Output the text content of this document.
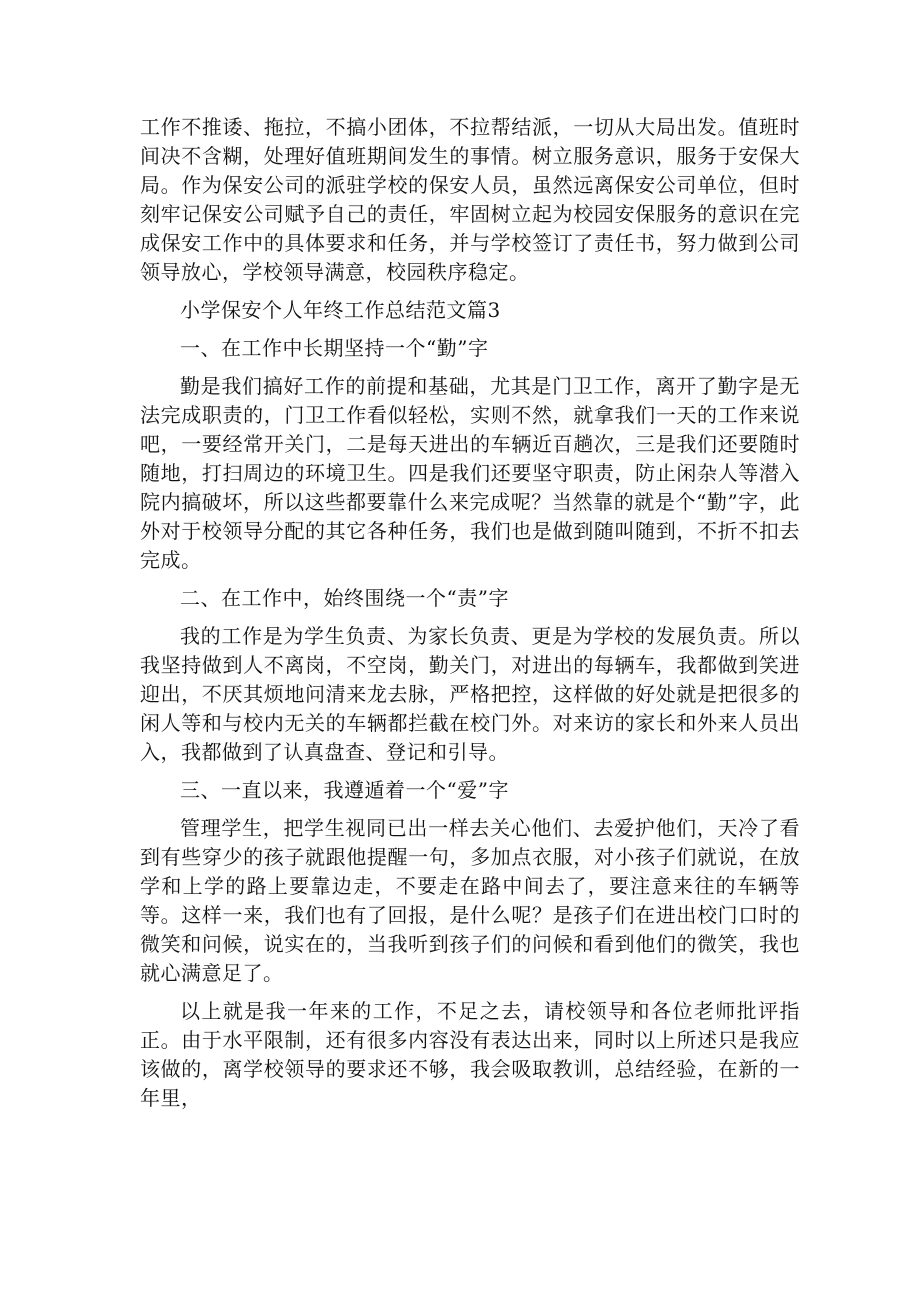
工作不推诿、拖拉，不搞小团体，不拉帮结派，一切从大局出发。值班时间决不含糊，处理好值班期间发生的事情。树立服务意识，服务于安保大局。作为保安公司的派驻学校的保安人员，虽然远离保安公司单位，但时刻牢记保安公司赋予自己的责任，牢固树立起为校园安保服务的意识在完成保安工作中的具体要求和任务，并与学校签订了责任书，努力做到公司领导放心，学校领导满意，校园秩序稳定。

小学保安个人年终工作总结范文篇3

一、在工作中长期坚持一个“勤”字

勤是我们搞好工作的前提和基础，尤其是门卫工作，离开了勤字是无法完成职责的，门卫工作看似轻松，实则不然，就拿我们一天的工作来说吧，一要经常开关门，二是每天进出的车辆近百趟次，三是我们还要随时随地，打扫周边的环境卫生。四是我们还要坚守职责，防止闲杂人等潜入院内搞破坏，所以这些都要靠什么来完成呢？当然靠的就是个“勤”字，此外对于校领导分配的其它各种任务，我们也是做到随叫随到，不折不扣去完成。

二、在工作中，始终围绕一个“责”字

我的工作是为学生负责、为家长负责、更是为学校的发展负责。所以我坚持做到人不离岗，不空岗，勤关门，对进出的每辆车，我都做到笑进迎出，不厌其烦地问清来龙去脉，严格把控，这样做的好处就是把很多的闲人等和与校内无关的车辆都拦截在校门外。对来访的家长和外来人员出入，我都做到了认真盘查、登记和引导。

三、一直以来，我遵遁着一个“爱”字

管理学生，把学生视同已出一样去关心他们、去爱护他们，天冷了看到有些穿少的孩子就跟他提醒一句，多加点衣服，对小孩子们就说，在放学和上学的路上要靠边走，不要走在路中间去了，要注意来往的车辆等等。这样一来，我们也有了回报，是什么呢？是孩子们在进出校门口时的微笑和问候，说实在的，当我听到孩子们的问候和看到他们的微笑，我也就心满意足了。

以上就是我一年来的工作，不足之去，请校领导和各位老师批评指正。由于水平限制，还有很多内容没有表达出来，同时以上所述只是我应该做的，离学校领导的要求还不够，我会吸取教训，总结经验，在新的一年里，
